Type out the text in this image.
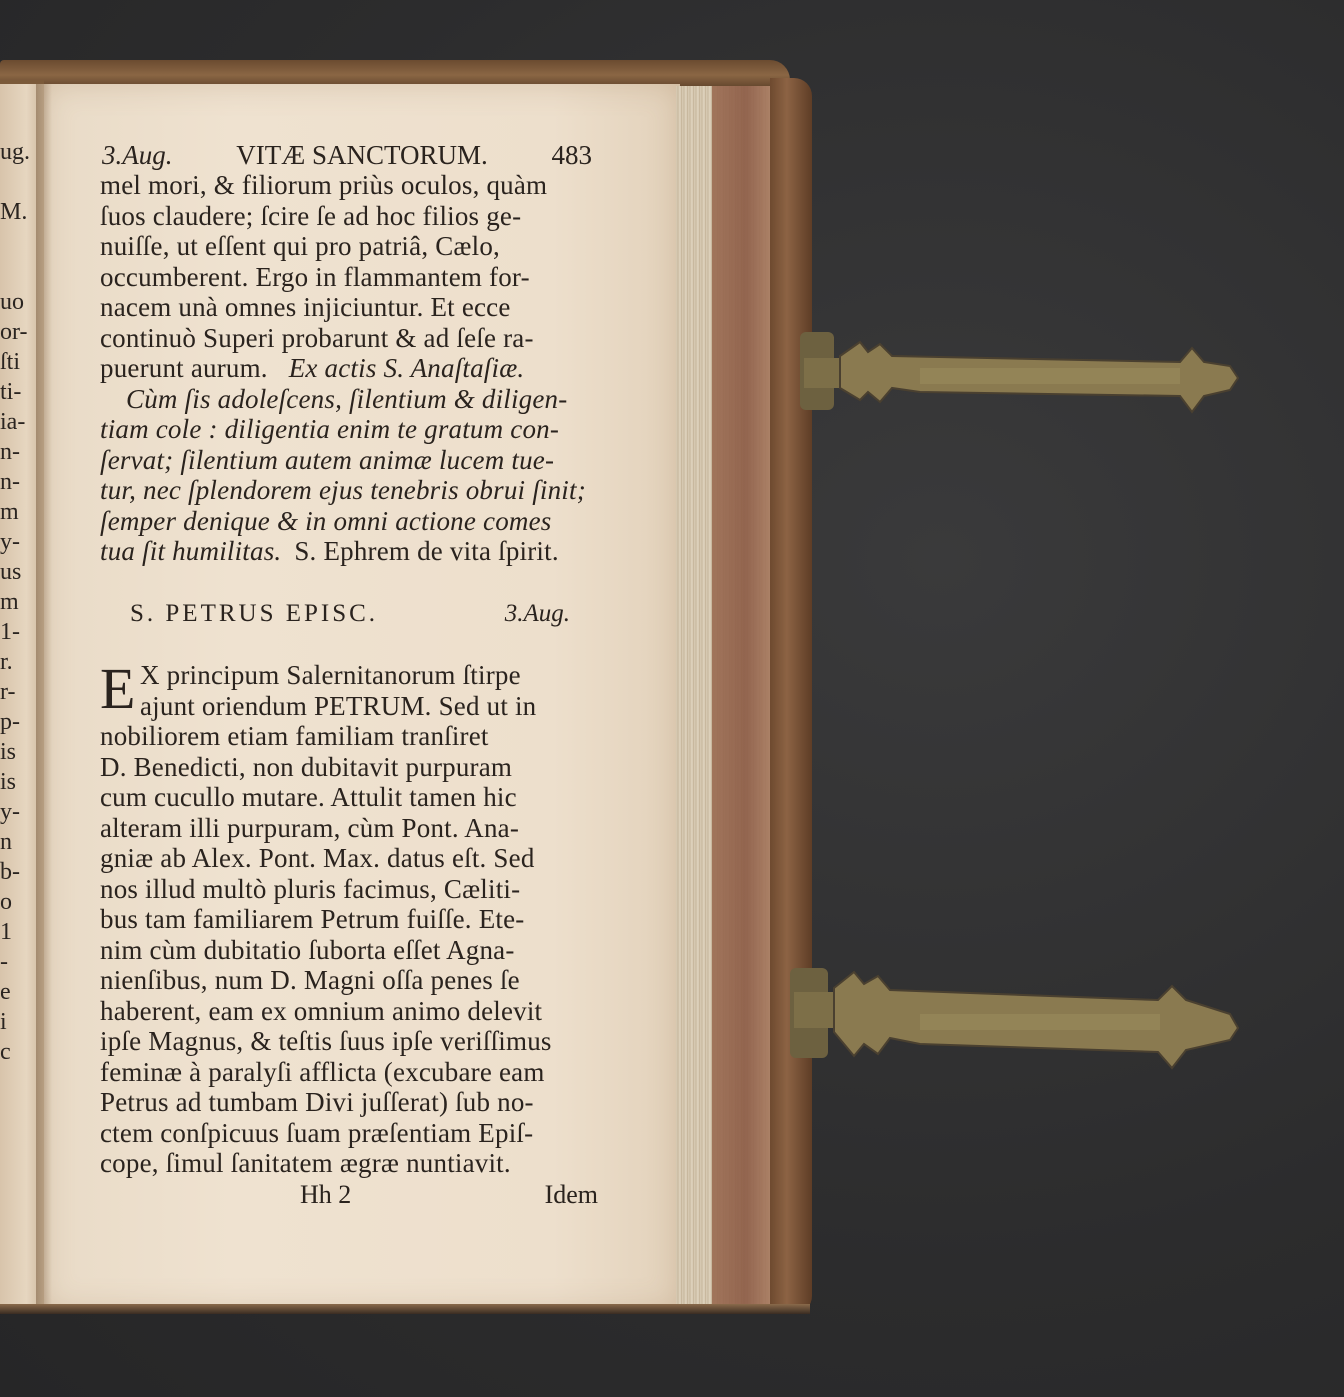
ug.
M.
uo
or-
ſti
ti-
ia-
n-
n-
m
y-
us
m
1-
r.
r-
p-
is
is
y-
n
b-
o
1
-
e
i
c
3.Aug. VITÆ SANCTORUM. 483
mel mori, & filiorum priùs oculos, quàm
ſuos claudere; ſcire ſe ad hoc filios ge-
nuiſſe, ut eſſent qui pro patriâ, Cælo,
occumberent. Ergo in flammantem for-
nacem unà omnes injiciuntur. Et ecce
continuò Superi probarunt & ad ſeſe ra-
puerunt aurum. Ex actis S. Anaſtaſiæ.
Cùm ſis adoleſcens, ſilentium & diligen-
tiam cole : diligentia enim te gratum con-
ſervat; ſilentium autem animæ lucem tue-
tur, nec ſplendorem ejus tenebris obrui ſinit;
ſemper denique & in omni actione comes
tua ſit humilitas. S. Ephrem de vita ſpirit.
S. PETRUS EPISC.	3.Aug.
E X principum Salernitanorum ſtirpe
ajunt oriendum PETRUM. Sed ut in
nobiliorem etiam familiam tranſiret
D. Benedicti, non dubitavit purpuram
cum cucullo mutare. Attulit tamen hic
alteram illi purpuram, cùm Pont. Ana-
gniæ ab Alex. Pont. Max. datus eſt. Sed
nos illud multò pluris facimus, Cæliti-
bus tam familiarem Petrum fuiſſe. Ete-
nim cùm dubitatio ſuborta eſſet Agna-
nienſibus, num D. Magni oſſa penes ſe
haberent, eam ex omnium animo delevit
ipſe Magnus, & teſtis ſuus ipſe veriſſimus
feminæ à paralyſi afflicta (excubare eam
Petrus ad tumbam Divi juſſerat) ſub no-
ctem conſpicuus ſuam præſentiam Epiſ-
cope, ſimul ſanitatem ægræ nuntiavit.
Hh 2	Idem
